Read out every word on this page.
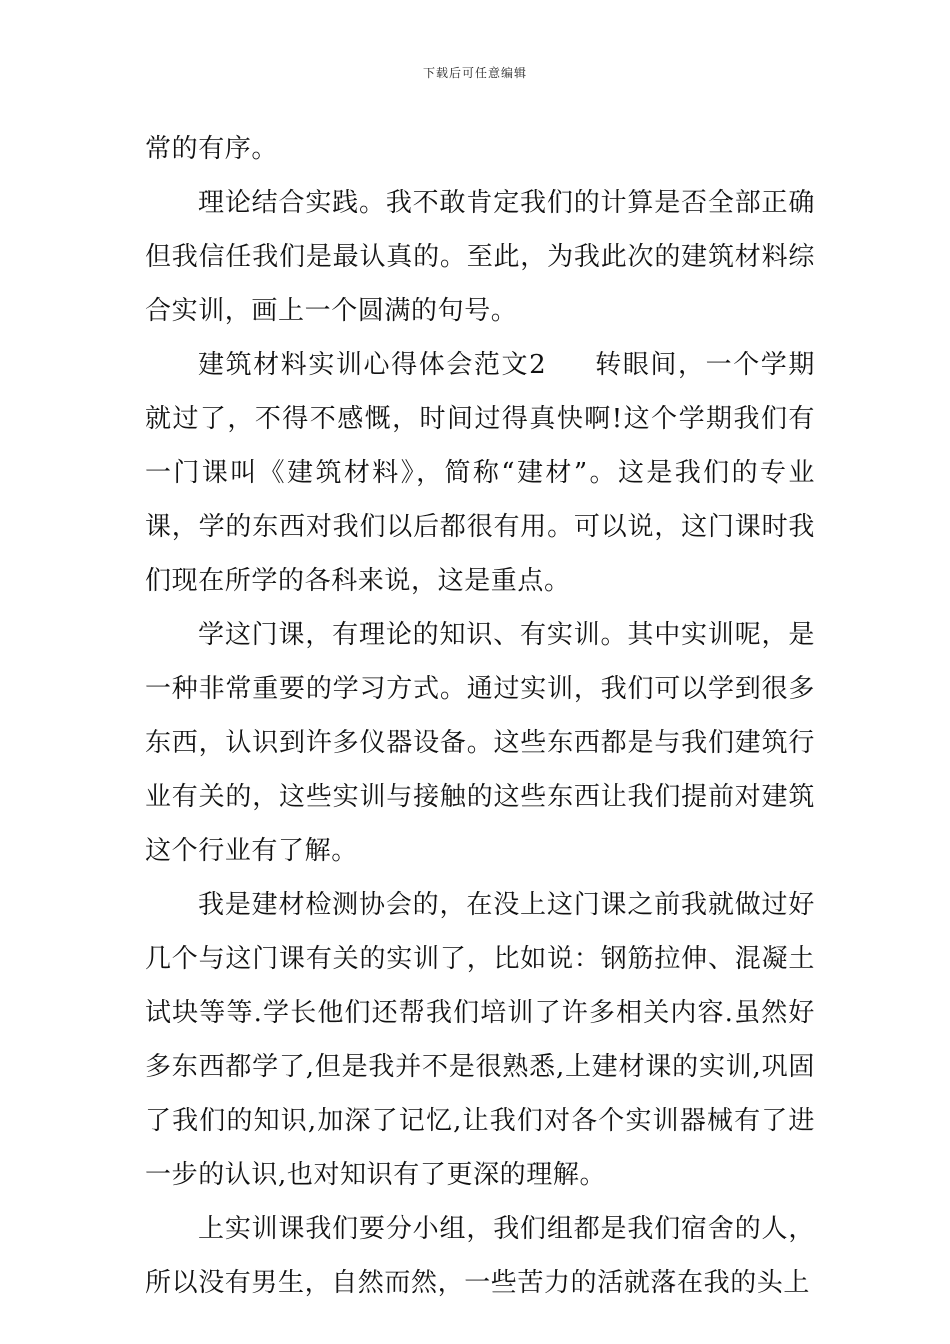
下载后可任意编辑

常的有序。

理论结合实践。我不敢肯定我们的计算是否全部正确但我信任我们是最认真的。至此，为我此次的建筑材料综合实训，画上一个圆满的句号。

建筑材料实训心得体会范文2 转眼间，一个学期就过了，不得不感慨，时间过得真快啊!这个学期我们有一门课叫《建筑材料》，简称“建材”。这是我们的专业课，学的东西对我们以后都很有用。可以说，这门课时我们现在所学的各科来说，这是重点。

学这门课，有理论的知识、有实训。其中实训呢，是一种非常重要的学习方式。通过实训，我们可以学到很多东西，认识到许多仪器设备。这些东西都是与我们建筑行业有关的，这些实训与接触的这些东西让我们提前对建筑这个行业有了解。

我是建材检测协会的，在没上这门课之前我就做过好几个与这门课有关的实训了，比如说：钢筋拉伸、混凝土试块等等.学长他们还帮我们培训了许多相关内容.虽然好多东西都学了,但是我并不是很熟悉,上建材课的实训,巩固了我们的知识,加深了记忆,让我们对各个实训器械有了进一步的认识,也对知识有了更深的理解。

上实训课我们要分小组，我们组都是我们宿舍的人，所以没有男生，自然而然，一些苦力的活就落在我的头上
